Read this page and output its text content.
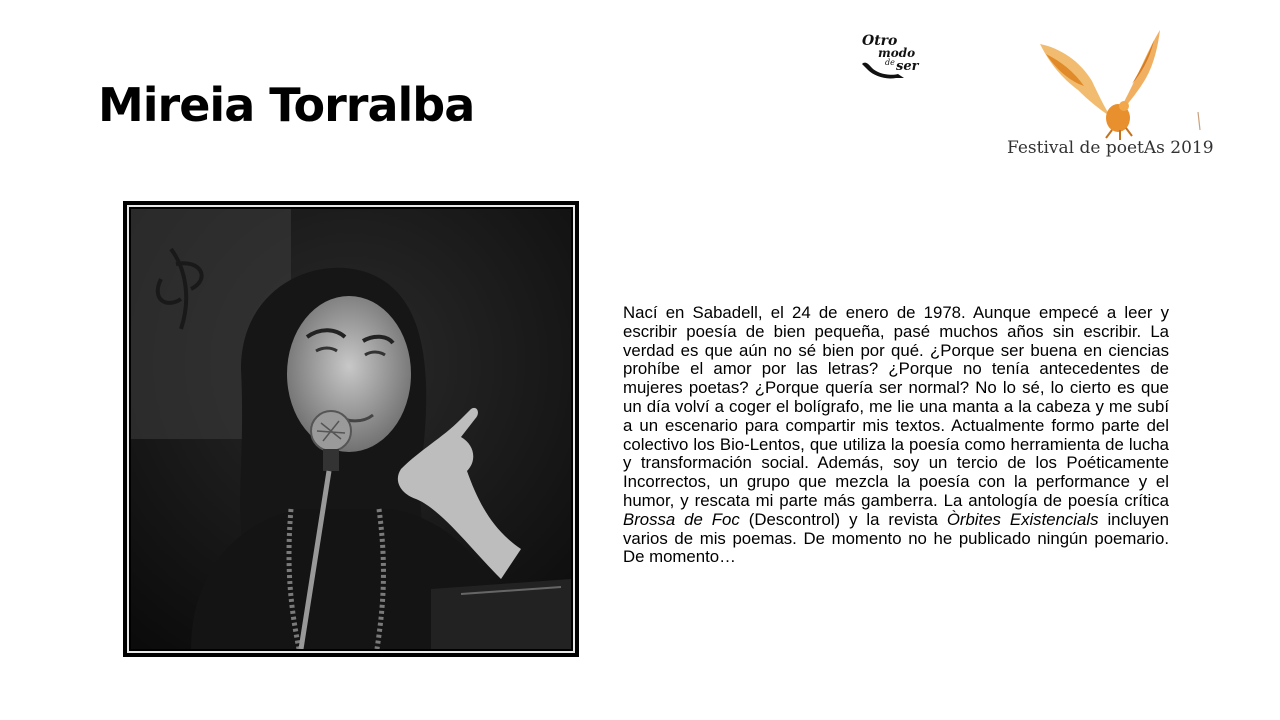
Mireia Torralba
Otro
modo
de ser
Festival de poetAs 2019

Nací en Sabadell, el 24 de enero de 1978. Aunque empecé a leer y escribir poesía de bien pequeña, pasé muchos años sin escribir. La verdad es que aún no sé bien por qué. ¿Porque ser buena en ciencias prohíbe el amor por las letras? ¿Porque no tenía antecedentes de mujeres poetas? ¿Porque quería ser normal? No lo sé, lo cierto es que un día volví a coger el bolígrafo, me lie una manta a la cabeza y me subí a un escenario para compartir mis textos. Actualmente formo parte del colectivo los Bio-Lentos, que utiliza la poesía como herramienta de lucha y transformación social. Además, soy un tercio de los Poéticamente Incorrectos, un grupo que mezcla la poesía con la performance y el humor, y rescata mi parte más gamberra. La antología de poesía crítica Brossa de Foc (Descontrol) y la revista Òrbites Existencials incluyen varios de mis poemas. De momento no he publicado ningún poemario. De momento…
